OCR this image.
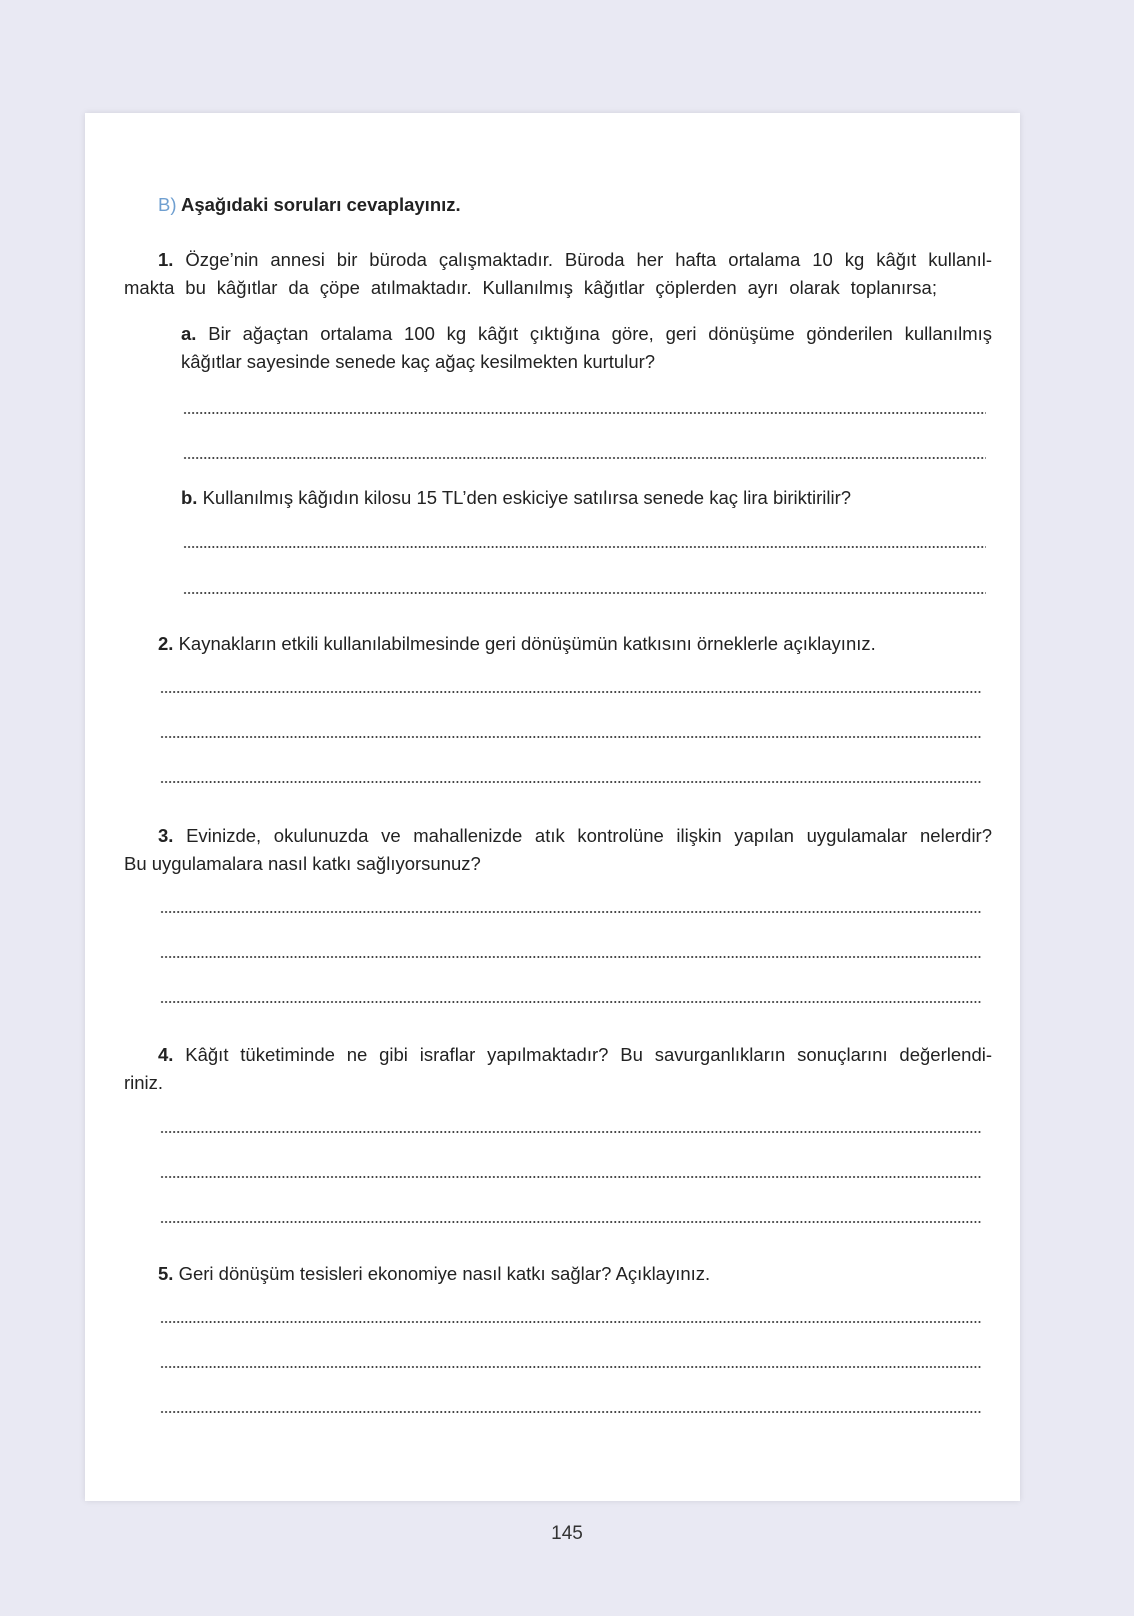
B) Aşağıdaki soruları cevaplayınız.

1. Özge’nin annesi bir büroda çalışmaktadır. Büroda her hafta ortalama 10 kg kâğıt kullanıl-

makta bu kâğıtlar da çöpe atılmaktadır. Kullanılmış kâğıtlar çöplerden ayrı olarak toplanırsa;

a. Bir ağaçtan ortalama 100 kg kâğıt çıktığına göre, geri dönüşüme gönderilen kullanılmış

kâğıtlar sayesinde senede kaç ağaç kesilmekten kurtulur?

b. Kullanılmış kâğıdın kilosu 15 TL’den eskiciye satılırsa senede kaç lira biriktirilir?

2. Kaynakların etkili kullanılabilmesinde geri dönüşümün katkısını örneklerle açıklayınız.

3. Evinizde, okulunuzda ve mahallenizde atık kontrolüne ilişkin yapılan uygulamalar nelerdir?

Bu uygulamalara nasıl katkı sağlıyorsunuz?

4. Kâğıt tüketiminde ne gibi israflar yapılmaktadır? Bu savurganlıkların sonuçlarını değerlendi-

riniz.

5. Geri dönüşüm tesisleri ekonomiye nasıl katkı sağlar? Açıklayınız.

145
